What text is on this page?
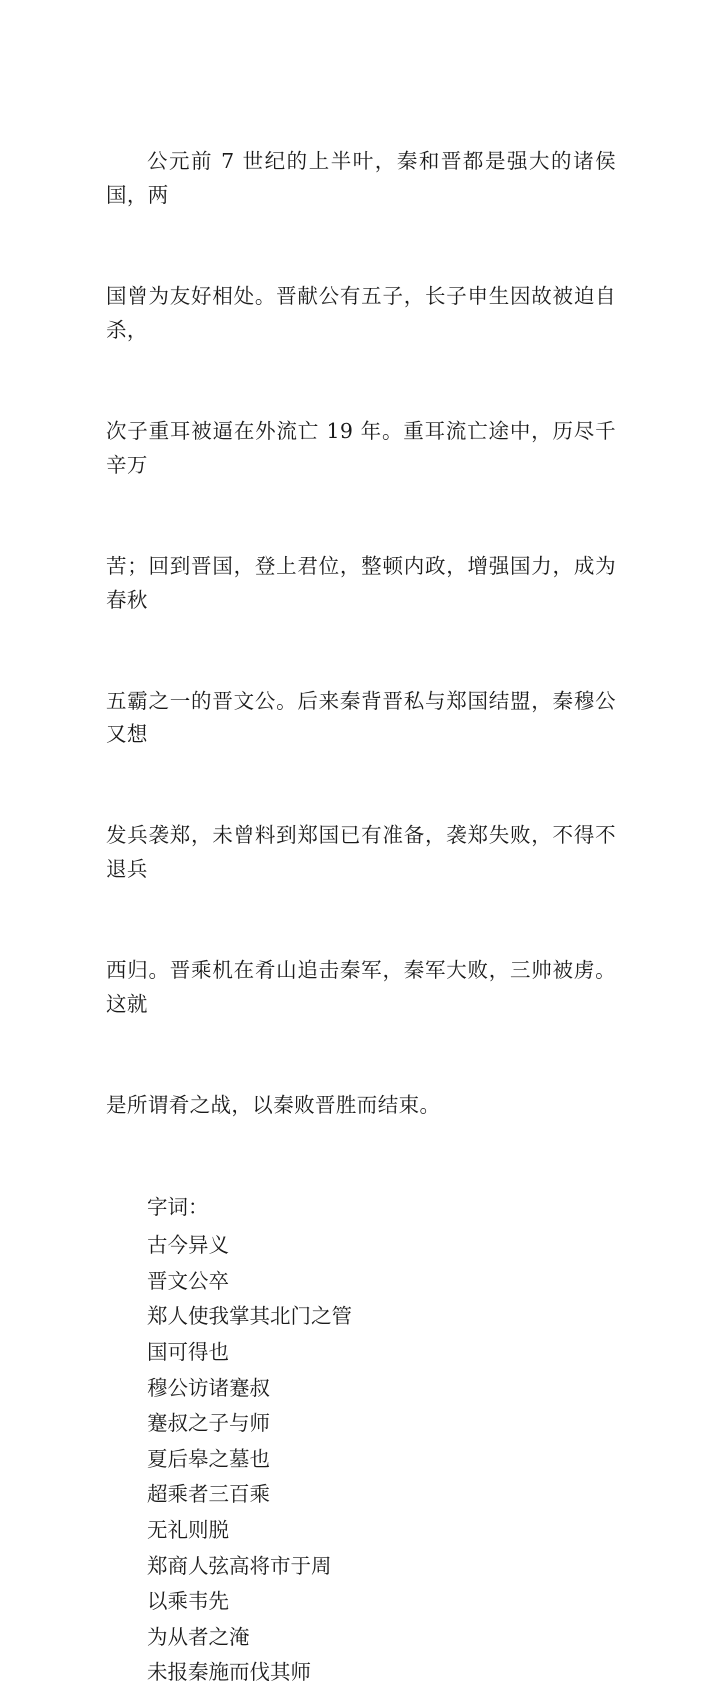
公元前 7 世纪的上半叶，秦和晋都是强大的诸侯国，两

国曾为友好相处。晋献公有五子，长子申生因故被迫自杀，

次子重耳被逼在外流亡 19 年。重耳流亡途中，历尽千辛万

苦；回到晋国，登上君位，整顿内政，增强国力，成为春秋

五霸之一的晋文公。后来秦背晋私与郑国结盟，秦穆公又想

发兵袭郑，未曾料到郑国已有准备，袭郑失败，不得不退兵

西归。晋乘机在肴山追击秦军，秦军大败，三帅被虏。这就

是所谓肴之战，以秦败晋胜而结束。

字词：

古今异义
晋文公卒
郑人使我掌其北门之管
国可得也
穆公访诸蹇叔
蹇叔之子与师
夏后皋之墓也
超乘者三百乘
无礼则脱
郑商人弦高将市于周
以乘韦先
为从者之淹
未报秦施而伐其师
